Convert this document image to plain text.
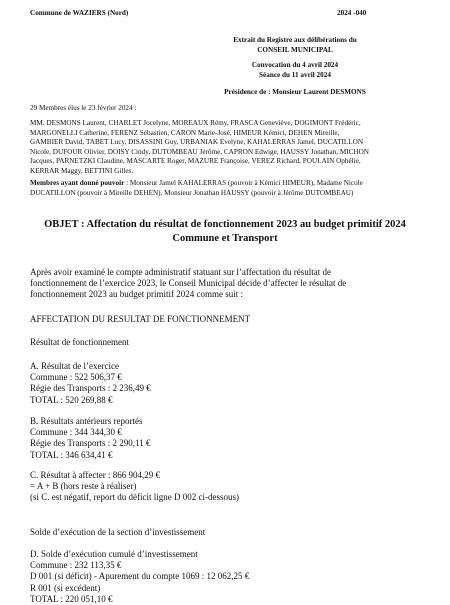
Commune de WAZIERS (Nord)	2024 -040
Extrait du Registre aux délibérations du
CONSEIL MUNICIPAL
Convocation du 4 avril 2024
Séance du 11 avril 2024
Présidence de : Monsieur Laurent DESMONS
29 Membres élus le 23 février 2024 :
MM. DESMONS Laurent, CHARLET Jocelyne, MOREAUX Rémy, FRASCA Geneviève, DOGIMONT Frédéric,
MARGONELLI Catherine, FERENZ Sébastien, CARON Marie-José, HIMEUR Kémici, DEHEN Mireille,
GAMBIER David, TABET Lucy, DISASSINI Guy, URBANIAK Evelyne, KAHALERRAS Jamel, DUCATILLON
Nicole, DUFOUR Olivier, DOISY Cindy, DUTOMBEAU Jérôme, CAPRON Edwige, HAUSSY Jonathan, MICHON
Jacques, PARNETZKI Claudine, MASCARTE Roger, MAZURE Françoise, VEREZ Richard, POULAIN Ophélie,
KERRAR Maggy, BETTINI Gilles.
Membres ayant donné pouvoir : Monsieur Jamel KAHALERRAS (pouvoir à Kémici HIMEUR), Madame Nicole
DUCATILLON (pouvoir à Mireille DEHEN), Monsieur Jonathan HAUSSY (pouvoir à Jérôme DUTOMBEAU)
OBJET : Affectation du résultat de fonctionnement 2023 au budget primitif 2024
Commune et Transport
Après avoir examiné le compte administratif statuant sur l’affectation du résultat de
fonctionnement de l’exercice 2023, le Conseil Municipal décide d’affecter le résultat de
fonctionnement 2023 au budget primitif 2024 comme suit :
AFFECTATION DU RESULTAT DE FONCTIONNEMENT
Résultat de fonctionnement
A. Résultat de l’exercice
Commune : 522 506,37 €
Régie des Transports : 2 236,49 €
TOTAL : 520 269,88 €
B. Résultats antérieurs reportés
Commune : 344 344,30 €
Régie des Transports : 2 290,11 €
TOTAL : 346 634,41 €
C. Résultat à affecter : 866 904,29 €
= A + B (hors reste à réaliser)
(si C. est négatif, report du déficit ligne D 002 ci-dessous)
Solde d’exécution de la section d’investissement
D. Solde d’exécution cumulé d’investissement
Commune : 232 113,35 €
D 001 (si déficit) - Apurement du compte 1069 : 12 062,25 €
R 001 (si excédent)
TOTAL : 220 051,10 €
